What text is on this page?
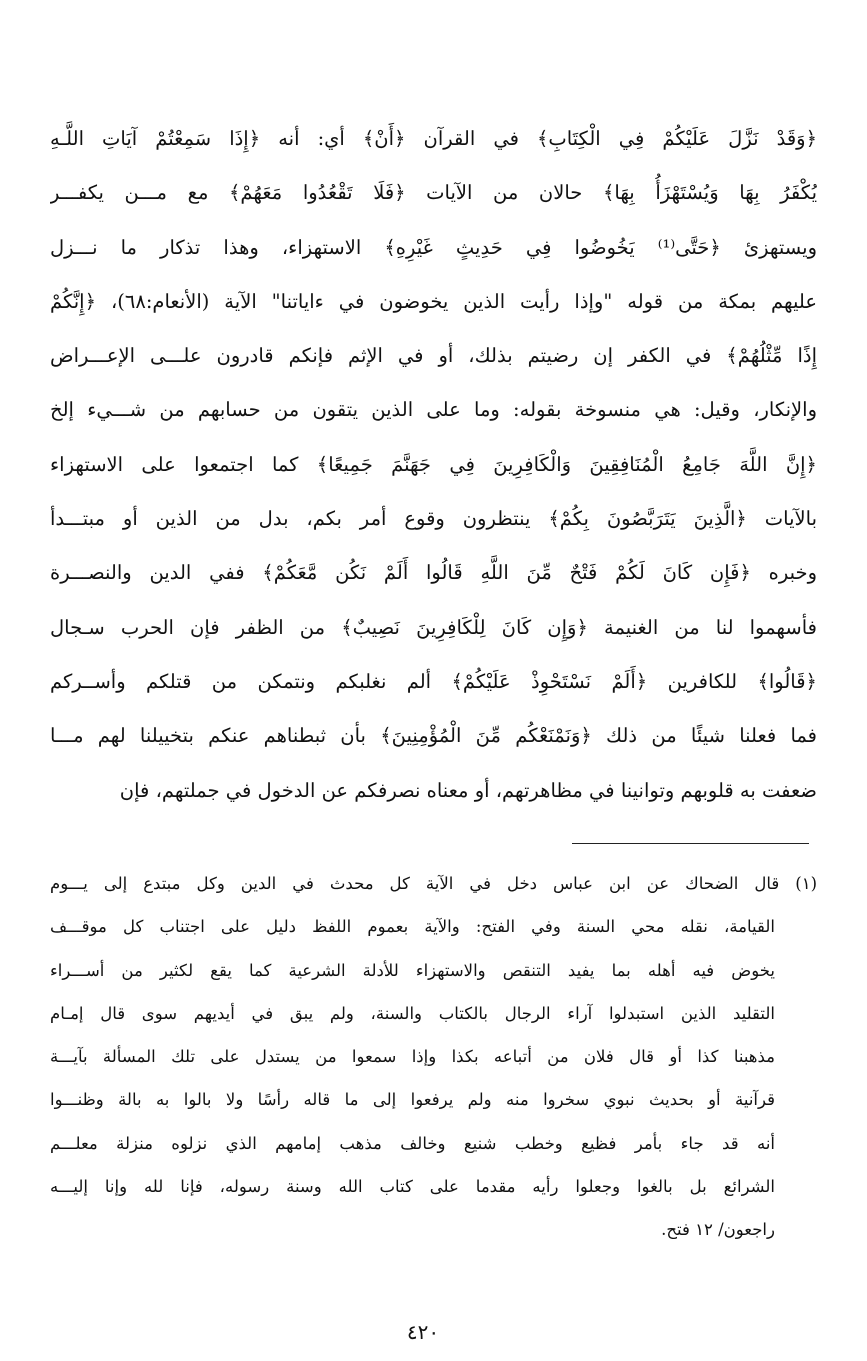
﴿وَقَدْ نَزَّلَ عَلَيْكُمْ فِي الْكِتَابِ﴾ في القرآن ﴿أَنْ﴾ أي: أنه ﴿إِذَا سَمِعْتُمْ آيَاتِ اللَّـهِ
يُكْفَرُ بِهَا وَيُسْتَهْزَأُ بِهَا﴾ حالان من الآيات ﴿فَلَا تَقْعُدُوا مَعَهُمْ﴾ مع مـــن يكفـــر
ويستهزئ ﴿حَتَّى⁽¹⁾ يَخُوضُوا فِي حَدِيثٍ غَيْرِهِ﴾ الاستهزاء، وهذا تذكار ما نـــزل
عليهم بمكة من قوله "وإذا رأيت الذين يخوضون في ءاياتنا" الآية (الأنعام:٦٨)، ﴿إِنَّكُمْ
إِذًا مِّثْلُهُمْ﴾ في الكفر إن رضيتم بذلك، أو في الإثم فإنكم قادرون علـــى الإعـــراض
والإنكار، وقيل: هي منسوخة بقوله: وما على الذين يتقون من حسابهم من شـــيء إلخ
﴿إِنَّ اللَّهَ جَامِعُ الْمُنَافِقِينَ وَالْكَافِرِينَ فِي جَهَنَّمَ جَمِيعًا﴾ كما اجتمعوا على الاستهزاء
بالآيات ﴿الَّذِينَ يَتَرَبَّصُونَ بِكُمْ﴾ ينتظرون وقوع أمر بكم، بدل من الذين أو مبتـــدأ
وخبره ﴿فَإِن كَانَ لَكُمْ فَتْحٌ مِّنَ اللَّهِ قَالُوا أَلَمْ نَكُن مَّعَكُمْ﴾ ففي الدين والنصـــرة
فأسهموا لنا من الغنيمة ﴿وَإِن كَانَ لِلْكَافِرِينَ نَصِيبٌ﴾ من الظفر فإن الحرب سـجال
﴿قَالُوا﴾ للكافرين ﴿أَلَمْ نَسْتَحْوِذْ عَلَيْكُمْ﴾ ألم نغلبكم ونتمكن من قتلكم وأســركم
فما فعلنا شيئًا من ذلك ﴿وَنَمْنَعْكُم مِّنَ الْمُؤْمِنِينَ﴾ بأن ثبطناهم عنكم بتخييلنا لهم مـــا
ضعفت به قلوبهم وتوانينا في مظاهرتهم، أو معناه نصرفكم عن الدخول في جملتهم، فإن
(١) قال الضحاك عن ابن عباس دخل في الآية كل محدث في الدين وكل مبتدع إلى يـــوم
القيامة، نقله محي السنة وفي الفتح: والآية بعموم اللفظ دليل على اجتناب كل موقـــف
يخوض فيه أهله بما يفيد التنقص والاستهزاء للأدلة الشرعية كما يقع لكثير من أســـراء
التقليد الذين استبدلوا آراء الرجال بالكتاب والسنة، ولم يبق في أيديهم سوى قال إمـام
مذهبنا كذا أو قال فلان من أتباعه بكذا وإذا سمعوا من يستدل على تلك المسألة بآيـــة
قرآنية أو بحديث نبوي سخروا منه ولم يرفعوا إلى ما قاله رأسًا ولا بالوا به بالة وظنـــوا
أنه قد جاء بأمر فظيع وخطب شنيع وخالف مذهب إمامهم الذي نزلوه منزلة معلـــم
الشرائع بل بالغوا وجعلوا رأيه مقدما على كتاب الله وسنة رسوله، فإنا لله وإنا إليـــه
راجعون/ ١٢ فتح.
٤٢٠
